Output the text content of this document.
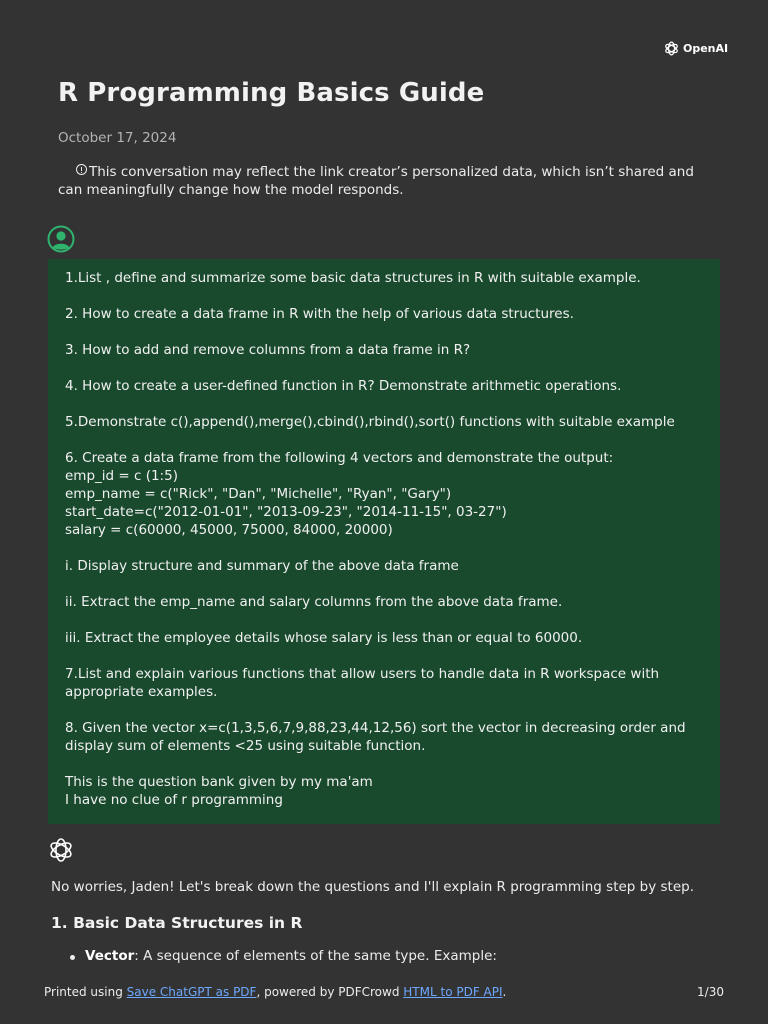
OpenAI
R Programming Basics Guide
October 17, 2024
This conversation may reflect the link creator’s personalized data, which isn’t shared and can meaningfully change how the model responds.

1.List , define and summarize some basic data structures in R with suitable example.

2. How to create a data frame in R with the help of various data structures.

3. How to add and remove columns from a data frame in R?

4. How to create a user-defined function in R? Demonstrate arithmetic operations.

5.Demonstrate c(),append(),merge(),cbind(),rbind(),sort() functions with suitable example

6. Create a data frame from the following 4 vectors and demonstrate the output:
emp_id = c (1:5)
emp_name = c("Rick", "Dan", "Michelle", "Ryan", "Gary")
start_date=c("2012-01-01", "2013-09-23", "2014-11-15", 03-27")
salary = c(60000, 45000, 75000, 84000, 20000)

i. Display structure and summary of the above data frame

ii. Extract the emp_name and salary columns from the above data frame.

iii. Extract the employee details whose salary is less than or equal to 60000.

7.List and explain various functions that allow users to handle data in R workspace with appropriate examples.

8. Given the vector x=c(1,3,5,6,7,9,88,23,44,12,56) sort the vector in decreasing order and display sum of elements <25 using suitable function.

This is the question bank given by my ma'am
I have no clue of r programming

No worries, Jaden! Let's break down the questions and I'll explain R programming step by step.
1. Basic Data Structures in R
Vector: A sequence of elements of the same type. Example:
Printed using Save ChatGPT as PDF, powered by PDFCrowd HTML to PDF API.	1/30
